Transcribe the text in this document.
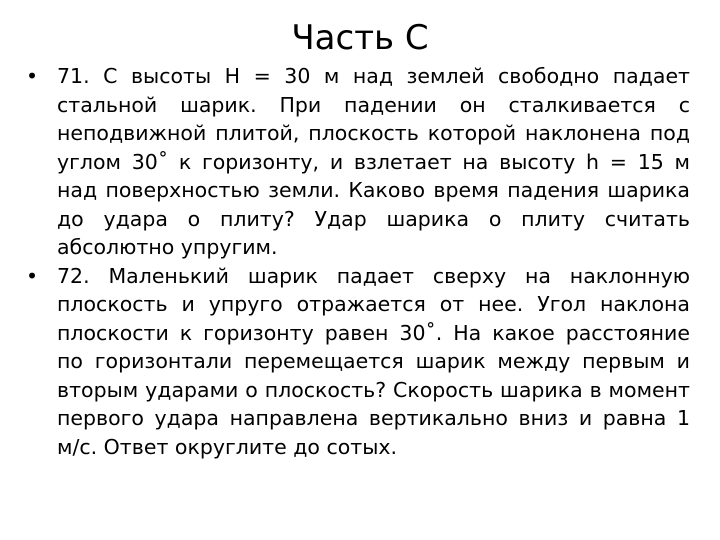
Часть С
• 71. С высоты Н = 30 м над землей свободно падает стальной шарик. При падении он сталкивается с неподвижной плитой, плоскость которой наклонена под углом 30˚ к горизонту, и взлетает на высоту h = 15 м над поверхностью земли. Каково время падения шарика до удара о плиту? Удар шарика о плиту считать абсолютно упругим.
• 72. Маленький шарик падает сверху на наклонную плоскость и упруго отражается от нее. Угол наклона плоскости к горизонту равен 30˚. На какое расстояние по горизонтали перемещается шарик между первым и вторым ударами о плоскость? Скорость шарика в момент первого удара направлена вертикально вниз и равна 1 м/с. Ответ округлите до сотых.
